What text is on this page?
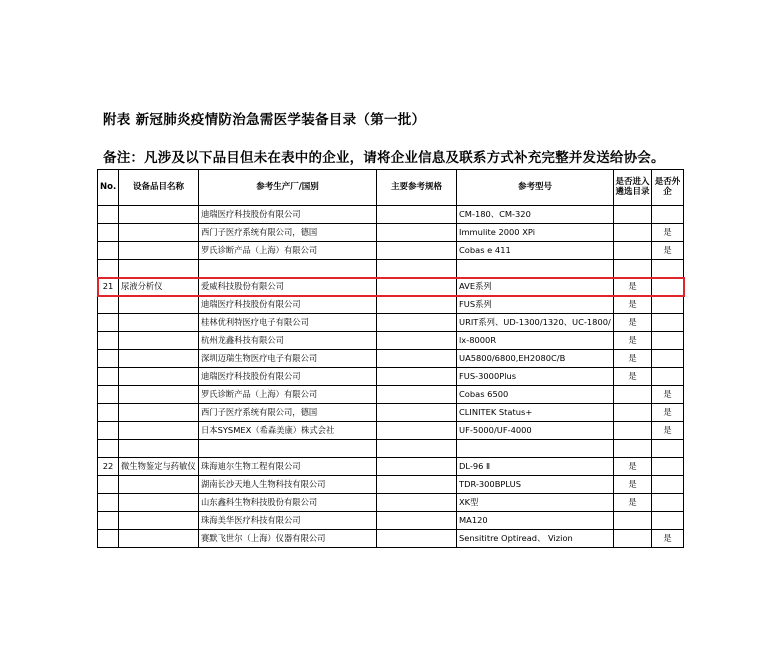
附表 新冠肺炎疫情防治急需医学装备目录（第一批）
备注：凡涉及以下品目但未在表中的企业，请将企业信息及联系方式补充完整并发送给协会。
No.	设备品目名称	参考生产厂/国别	主要参考规格	参考型号	是否进入遴选目录	是否外企
		迪瑞医疗科技股份有限公司		CM-180、CM-320		
		西门子医疗系统有限公司，德国		Immulite 2000 XPi		是
		罗氏诊断产品（上海）有限公司		Cobas e 411		是

21	尿液分析仪	爱威科技股份有限公司		AVE系列	是	
		迪瑞医疗科技股份有限公司		FUS系列	是	
		桂林优利特医疗电子有限公司		URIT系列、UD-1300/1320、UC-1800/	是	
		杭州龙鑫科技有限公司		lx-8000R	是	
		深圳迈瑞生物医疗电子有限公司		UA5800/6800,EH2080C/B	是	
		迪瑞医疗科技股份有限公司		FUS-3000Plus	是	
		罗氏诊断产品（上海）有限公司		Cobas 6500		是
		西门子医疗系统有限公司，德国		CLINITEK Status+		是
		日本SYSMEX（希森美康）株式会社		UF-5000/UF-4000		是

22	微生物鉴定与药敏仪	珠海迪尔生物工程有限公司		DL-96 Ⅱ	是	
		湖南长沙天地人生物科技有限公司		TDR-300BPLUS	是	
		山东鑫科生物科技股份有限公司		XK型	是	
		珠海美华医疗科技有限公司		MA120		
		赛默飞世尔（上海）仪器有限公司		Sensititre Optiread、 Vizion		是
